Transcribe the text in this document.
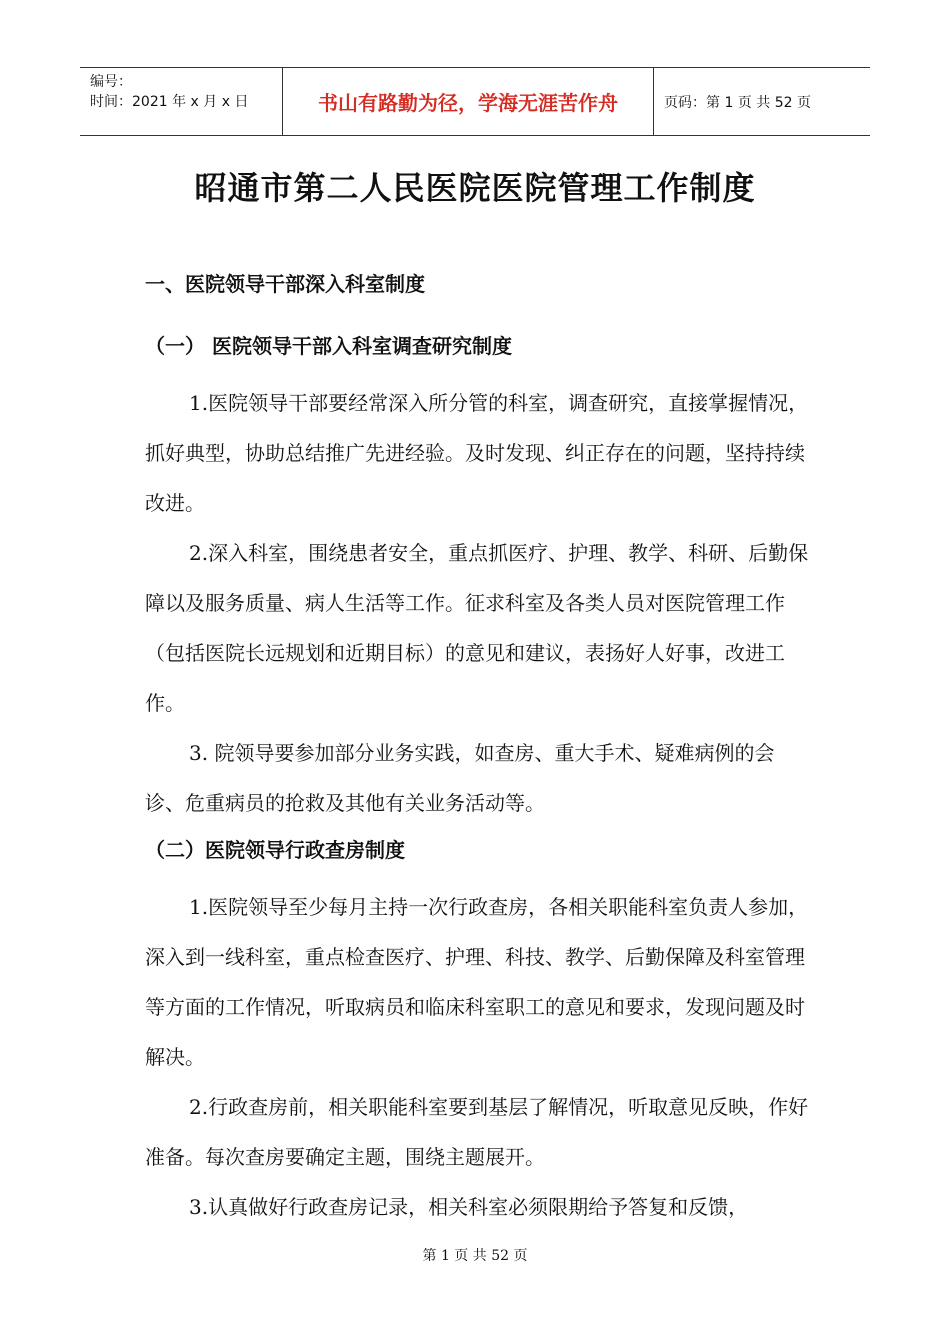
编号：
时间：2021 年 x 月 x 日	书山有路勤为径，学海无涯苦作舟	页码：第 1 页 共 52 页
昭通市第二人民医院医院管理工作制度
一、医院领导干部深入科室制度
（一） 医院领导干部入科室调查研究制度

1.医院领导干部要经常深入所分管的科室，调查研究，直接掌握情况，抓好典型，协助总结推广先进经验。及时发现、纠正存在的问题，坚持持续改进。

2.深入科室，围绕患者安全，重点抓医疗、护理、教学、科研、后勤保障以及服务质量、病人生活等工作。征求科室及各类人员对医院管理工作（包括医院长远规划和近期目标）的意见和建议，表扬好人好事，改进工作。

3. 院领导要参加部分业务实践，如查房、重大手术、疑难病例的会诊、危重病员的抢救及其他有关业务活动等。

（二）医院领导行政查房制度

1.医院领导至少每月主持一次行政查房，各相关职能科室负责人参加，深入到一线科室，重点检查医疗、护理、科技、教学、后勤保障及科室管理等方面的工作情况，听取病员和临床科室职工的意见和要求，发现问题及时解决。

2.行政查房前，相关职能科室要到基层了解情况，听取意见反映，作好准备。每次查房要确定主题，围绕主题展开。

3.认真做好行政查房记录，相关科室必须限期给予答复和反馈，

第 1 页 共 52 页
